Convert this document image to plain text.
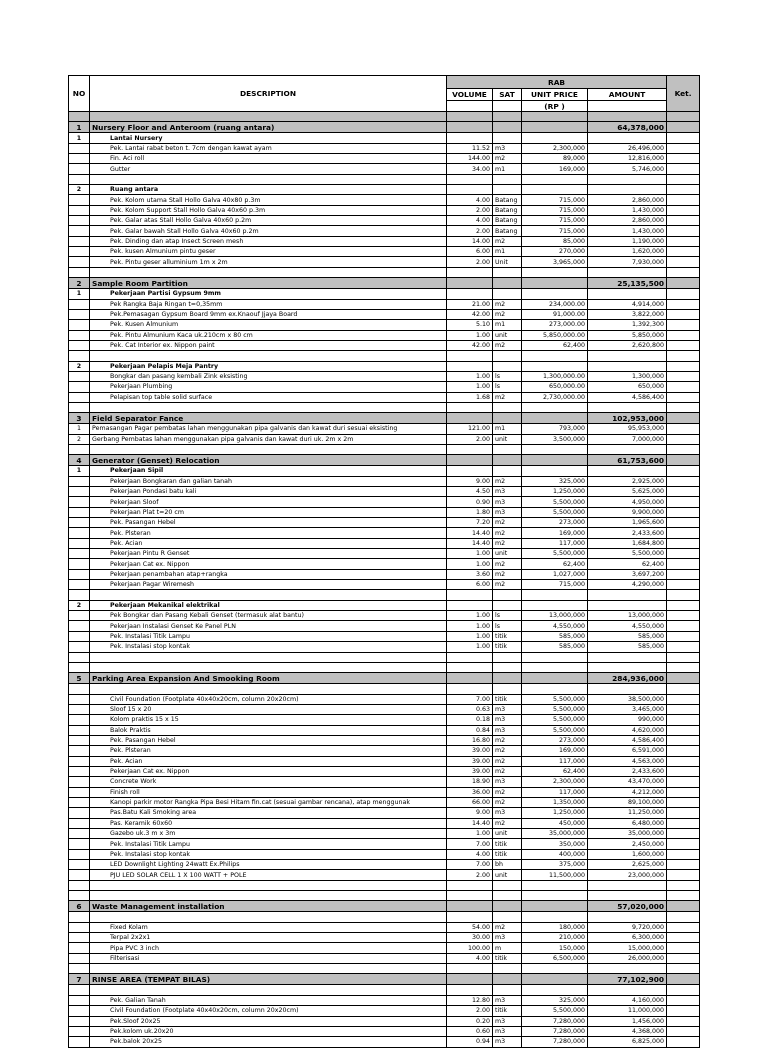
NO	DESCRIPTION	RAB				Ket.
		VOLUME	SAT	UNIT PRICE	AMOUNT	
				(RP )		

1	Nursery Floor and Anteroom (ruang antara)				64,378,000	
1	Lantai Nursery					
	Pek. Lantai rabat beton t. 7cm dengan kawat ayam	11.52	m3	2,300,000	26,496,000	
	Fin. Aci roll	144.00	m2	89,000	12,816,000	
	Gutter	34.00	m1	169,000	5,746,000	

2	Ruang antara					
	Pek. Kolom utama Stall Hollo Galva 40x80 p.3m	4.00	Batang	715,000	2,860,000	
	Pek. Kolom Support Stall Hollo Galva 40x60 p.3m	2.00	Batang	715,000	1,430,000	
	Pek. Galar atas Stall Hollo Galva 40x60 p.2m	4.00	Batang	715,000	2,860,000	
	Pek. Galar bawah Stall Hollo Galva 40x60 p.2m	2.00	Batang	715,000	1,430,000	
	Pek. Dinding dan atap Insect Screen mesh	14.00	m2	85,000	1,190,000	
	Pek. kusen Almunium pintu geser	6.00	m1	270,000	1,620,000	
	Pek. Pintu geser alluminium 1m x 2m	2.00	Unit	3,965,000	7,930,000	

2	Sample Room Partition				25,135,500	
1	Pekerjaan Partisi Gypsum 9mm					
	Pek Rangka Baja Ringan t=0,35mm	21.00	m2	234,000.00	4,914,000	
	Pek.Pemasagan Gypsum Board 9mm ex.Knaouf Jjaya Board	42.00	m2	91,000.00	3,822,000	
	Pek. Kusen Almunium	5.10	m1	273,000.00	1,392,300	
	Pek. Pintu Almunium Kaca uk.210cm x 80 cm	1.00	unit	5,850,000.00	5,850,000	
	Pek. Cat Interior ex. Nippon paint	42.00	m2	62,400	2,620,800	

2	Pekerjaan Pelapis Meja Pantry					
	Bongkar dan pasang kembali Zink eksisting	1.00	ls	1,300,000.00	1,300,000	
	Pekerjaan Plumbing	1.00	ls	650,000.00	650,000	
	Pelapisan top table solid surface	1.68	m2	2,730,000.00	4,586,400	

3	Field Separator Fance				102,953,000	
1	Pemasangan Pagar pembatas lahan menggunakan pipa galvanis dan kawat duri sesuai eksisting	121.00	m1	793,000	95,953,000	
2	Gerbang Pembatas lahan menggunakan pipa galvanis dan kawat duri uk. 2m x 2m	2.00	unit	3,500,000	7,000,000	

4	Generator (Genset) Relocation				61,753,600	
1	Pekerjaan Sipil					
	Pekerjaan Bongkaran dan galian tanah	9.00	m2	325,000	2,925,000	
	Pekerjaan Pondasi batu kali	4.50	m3	1,250,000	5,625,000	
	Pekerjaan Sloof	0.90	m3	5,500,000	4,950,000	
	Pekerjaan Plat t=20 cm	1.80	m3	5,500,000	9,900,000	
	Pek. Pasangan Hebel	7.20	m2	273,000	1,965,600	
	Pek. Plsteran	14.40	m2	169,000	2,433,600	
	Pek. Acian	14.40	m2	117,000	1,684,800	
	Pekerjaan Pintu R Genset	1.00	unit	5,500,000	5,500,000	
	Pekerjaan Cat ex. Nippon	1.00	m2	62,400	62,400	
	Pekerjaan penambahan atap+rangka	3.60	m2	1,027,000	3,697,200	
	Pekerjaan Pagar Wiremesh	6.00	m2	715,000	4,290,000	

2	Pekerjaan Mekanikal elektrikal					
	Pek Bongkar dan Pasang Kebali Genset (termasuk alat bantu)	1.00	ls	13,000,000	13,000,000	
	Pekerjaan Instalasi Genset Ke Panel PLN	1.00	ls	4,550,000	4,550,000	
	Pek. Instalasi Titik Lampu	1.00	titik	585,000	585,000	
	Pek. Instalasi stop kontak	1.00	titik	585,000	585,000	

5	Parking Area Expansion And Smooking Room				284,936,000	

	Civil Foundation (Footplate 40x40x20cm, column 20x20cm)	7.00	titik	5,500,000	38,500,000	
	Sloof 15 x 20	0.63	m3	5,500,000	3,465,000	
	Kolom praktis 15 x 15	0.18	m3	5,500,000	990,000	
	Balok Praktis	0.84	m3	5,500,000	4,620,000	
	Pek. Pasangan Hebel	16.80	m2	273,000	4,586,400	
	Pek. Plsteran	39.00	m2	169,000	6,591,000	
	Pek. Acian	39.00	m2	117,000	4,563,000	
	Pekerjaan Cat ex. Nippon	39.00	m2	62,400	2,433,600	
	Concrete Work	18.90	m3	2,300,000	43,470,000	
	Finish roll	36.00	m2	117,000	4,212,000	
	Kanopi parkir motor Rangka Pipa Besi Hitam fin.cat (sesuai gambar rencana), atap menggunak	66.00	m2	1,350,000	89,100,000	
	Pas.Batu Kali Smoking area	9.00	m3	1,250,000	11,250,000	
	Pas. Keramik 60x60	14.40	m2	450,000	6,480,000	
	Gazebo uk.3 m x 3m	1.00	unit	35,000,000	35,000,000	
	Pek. Instalasi Titik Lampu	7.00	titik	350,000	2,450,000	
	Pek. Instalasi stop kontak	4.00	titik	400,000	1,600,000	
	LED Downlight Lighting 24watt Ex.Philips	7.00	bh	375,000	2,625,000	
	PJU LED SOLAR CELL 1 X 100 WATT + POLE	2.00	unit	11,500,000	23,000,000	

6	Waste Management installation				57,020,000	

	Fixed Kolam	54.00	m2	180,000	9,720,000	
	Terpal 2x2x1	30.00	m3	210,000	6,300,000	
	Pipa PVC 3 inch	100.00	m	150,000	15,000,000	
	Filterisasi	4.00	titik	6,500,000	26,000,000	

7	RINSE AREA (TEMPAT BILAS)				77,102,900	

	Pek. Galian Tanah	12.80	m3	325,000	4,160,000	
	Civil Foundation (Footplate 40x40x20cm, column 20x20cm)	2.00	titik	5,500,000	11,000,000	
	Pek.Sloof 20x25	0.20	m3	7,280,000	1,456,000	
	Pek.kolom uk.20x20	0.60	m3	7,280,000	4,368,000	
	Pek.balok 20x25	0.94	m3	7,280,000	6,825,000	
